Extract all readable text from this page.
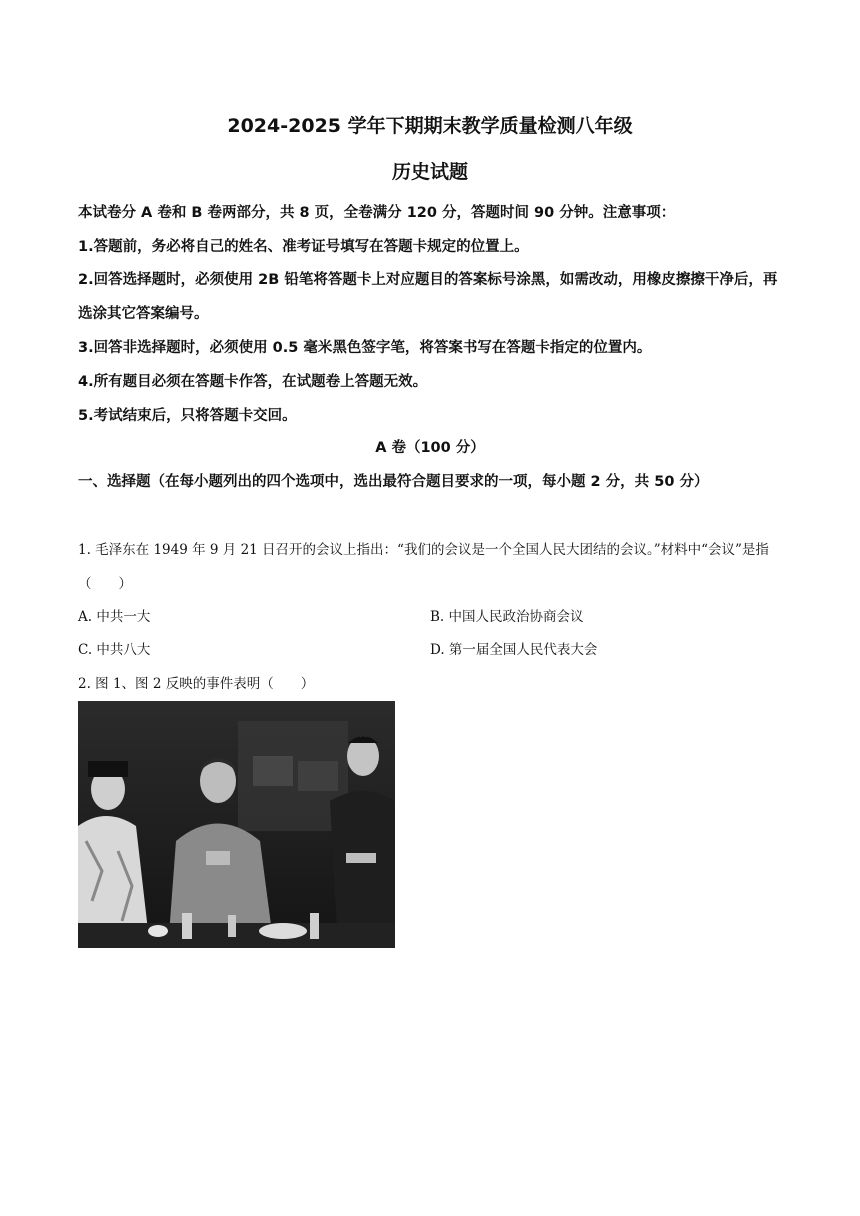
2024-2025 学年下期期末教学质量检测八年级
历史试题
本试卷分 A 卷和 B 卷两部分，共 8 页，全卷满分 120 分，答题时间 90 分钟。注意事项：
1.答题前，务必将自己的姓名、准考证号填写在答题卡规定的位置上。
2.回答选择题时，必须使用 2B 铅笔将答题卡上对应题目的答案标号涂黑，如需改动，用橡皮擦擦干净后，再选涂其它答案编号。
3.回答非选择题时，必须使用 0.5 毫米黑色签字笔，将答案书写在答题卡指定的位置内。
4.所有题目必须在答题卡作答，在试题卷上答题无效。
5.考试结束后，只将答题卡交回。
A 卷（100 分）
一、选择题（在每小题列出的四个选项中，选出最符合题目要求的一项，每小题 2 分，共 50 分）
1. 毛泽东在 1949 年 9 月 21 日召开的会议上指出：“我们的会议是一个全国人民大团结的会议。”材料中“会议”是指（　　）
A. 中共一大	B. 中国人民政治协商会议
C. 中共八大	D. 第一届全国人民代表大会
2. 图 1、图 2 反映的事件表明（　　）
